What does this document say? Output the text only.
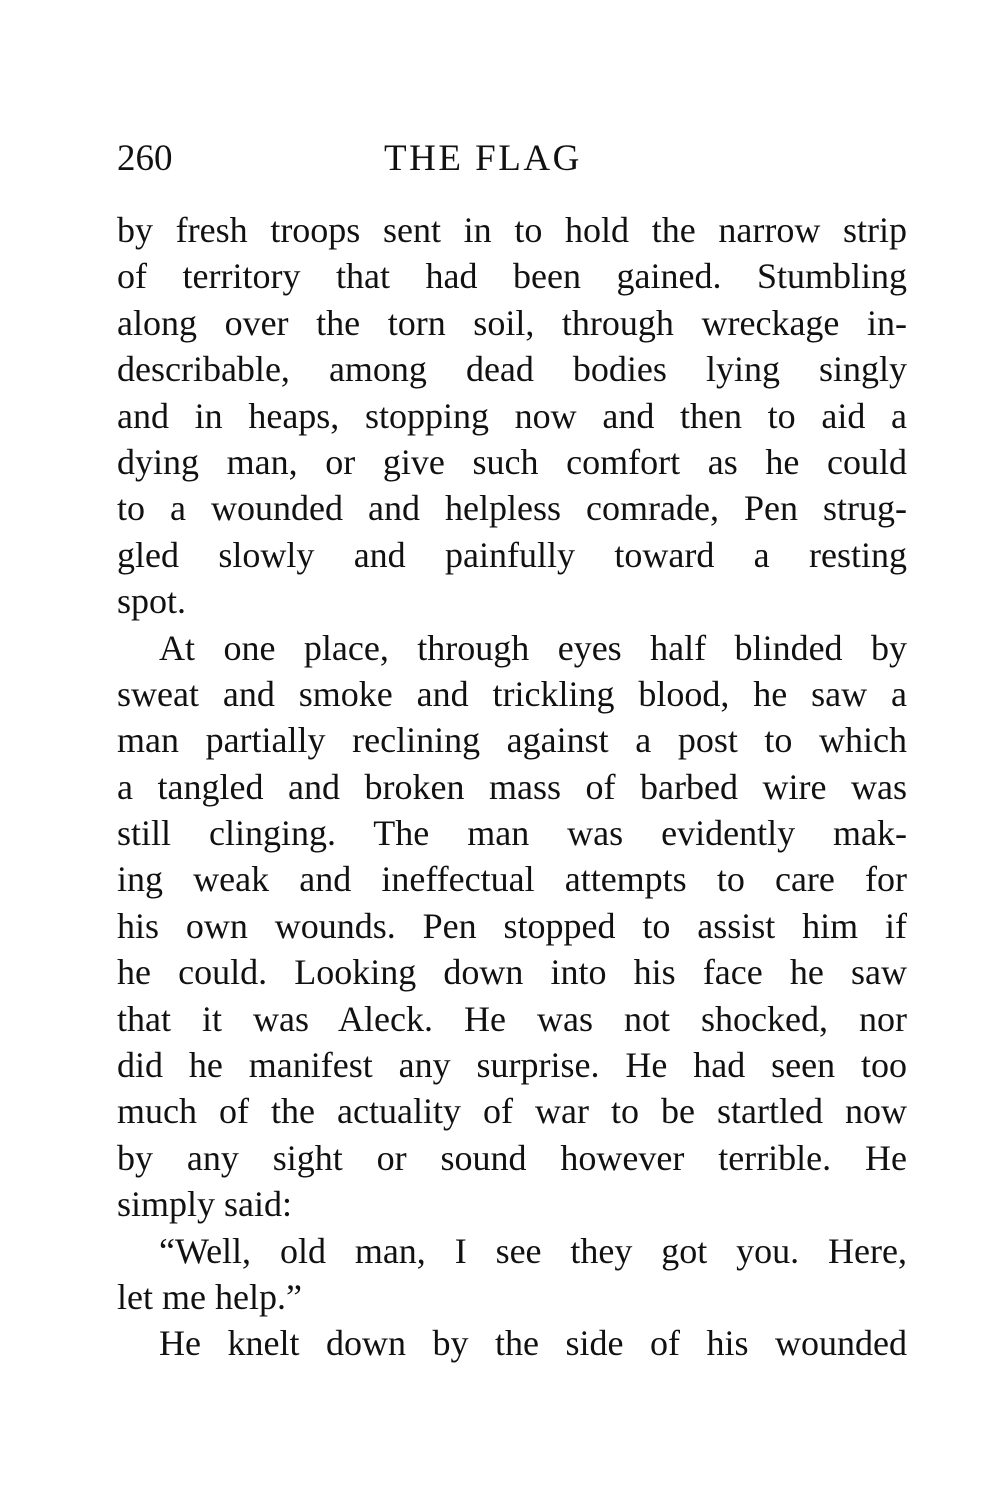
260	THE FLAG
by fresh troops sent in to hold the narrow strip
of territory that had been gained. Stumbling
along over the torn soil, through wreckage in-
describable, among dead bodies lying singly
and in heaps, stopping now and then to aid a
dying man, or give such comfort as he could
to a wounded and helpless comrade, Pen strug-
gled slowly and painfully toward a resting
spot.
At one place, through eyes half blinded by
sweat and smoke and trickling blood, he saw a
man partially reclining against a post to which
a tangled and broken mass of barbed wire was
still clinging. The man was evidently mak-
ing weak and ineffectual attempts to care for
his own wounds. Pen stopped to assist him if
he could. Looking down into his face he saw
that it was Aleck. He was not shocked, nor
did he manifest any surprise. He had seen too
much of the actuality of war to be startled now
by any sight or sound however terrible. He
simply said:
“Well, old man, I see they got you. Here,
let me help.”
He knelt down by the side of his wounded
